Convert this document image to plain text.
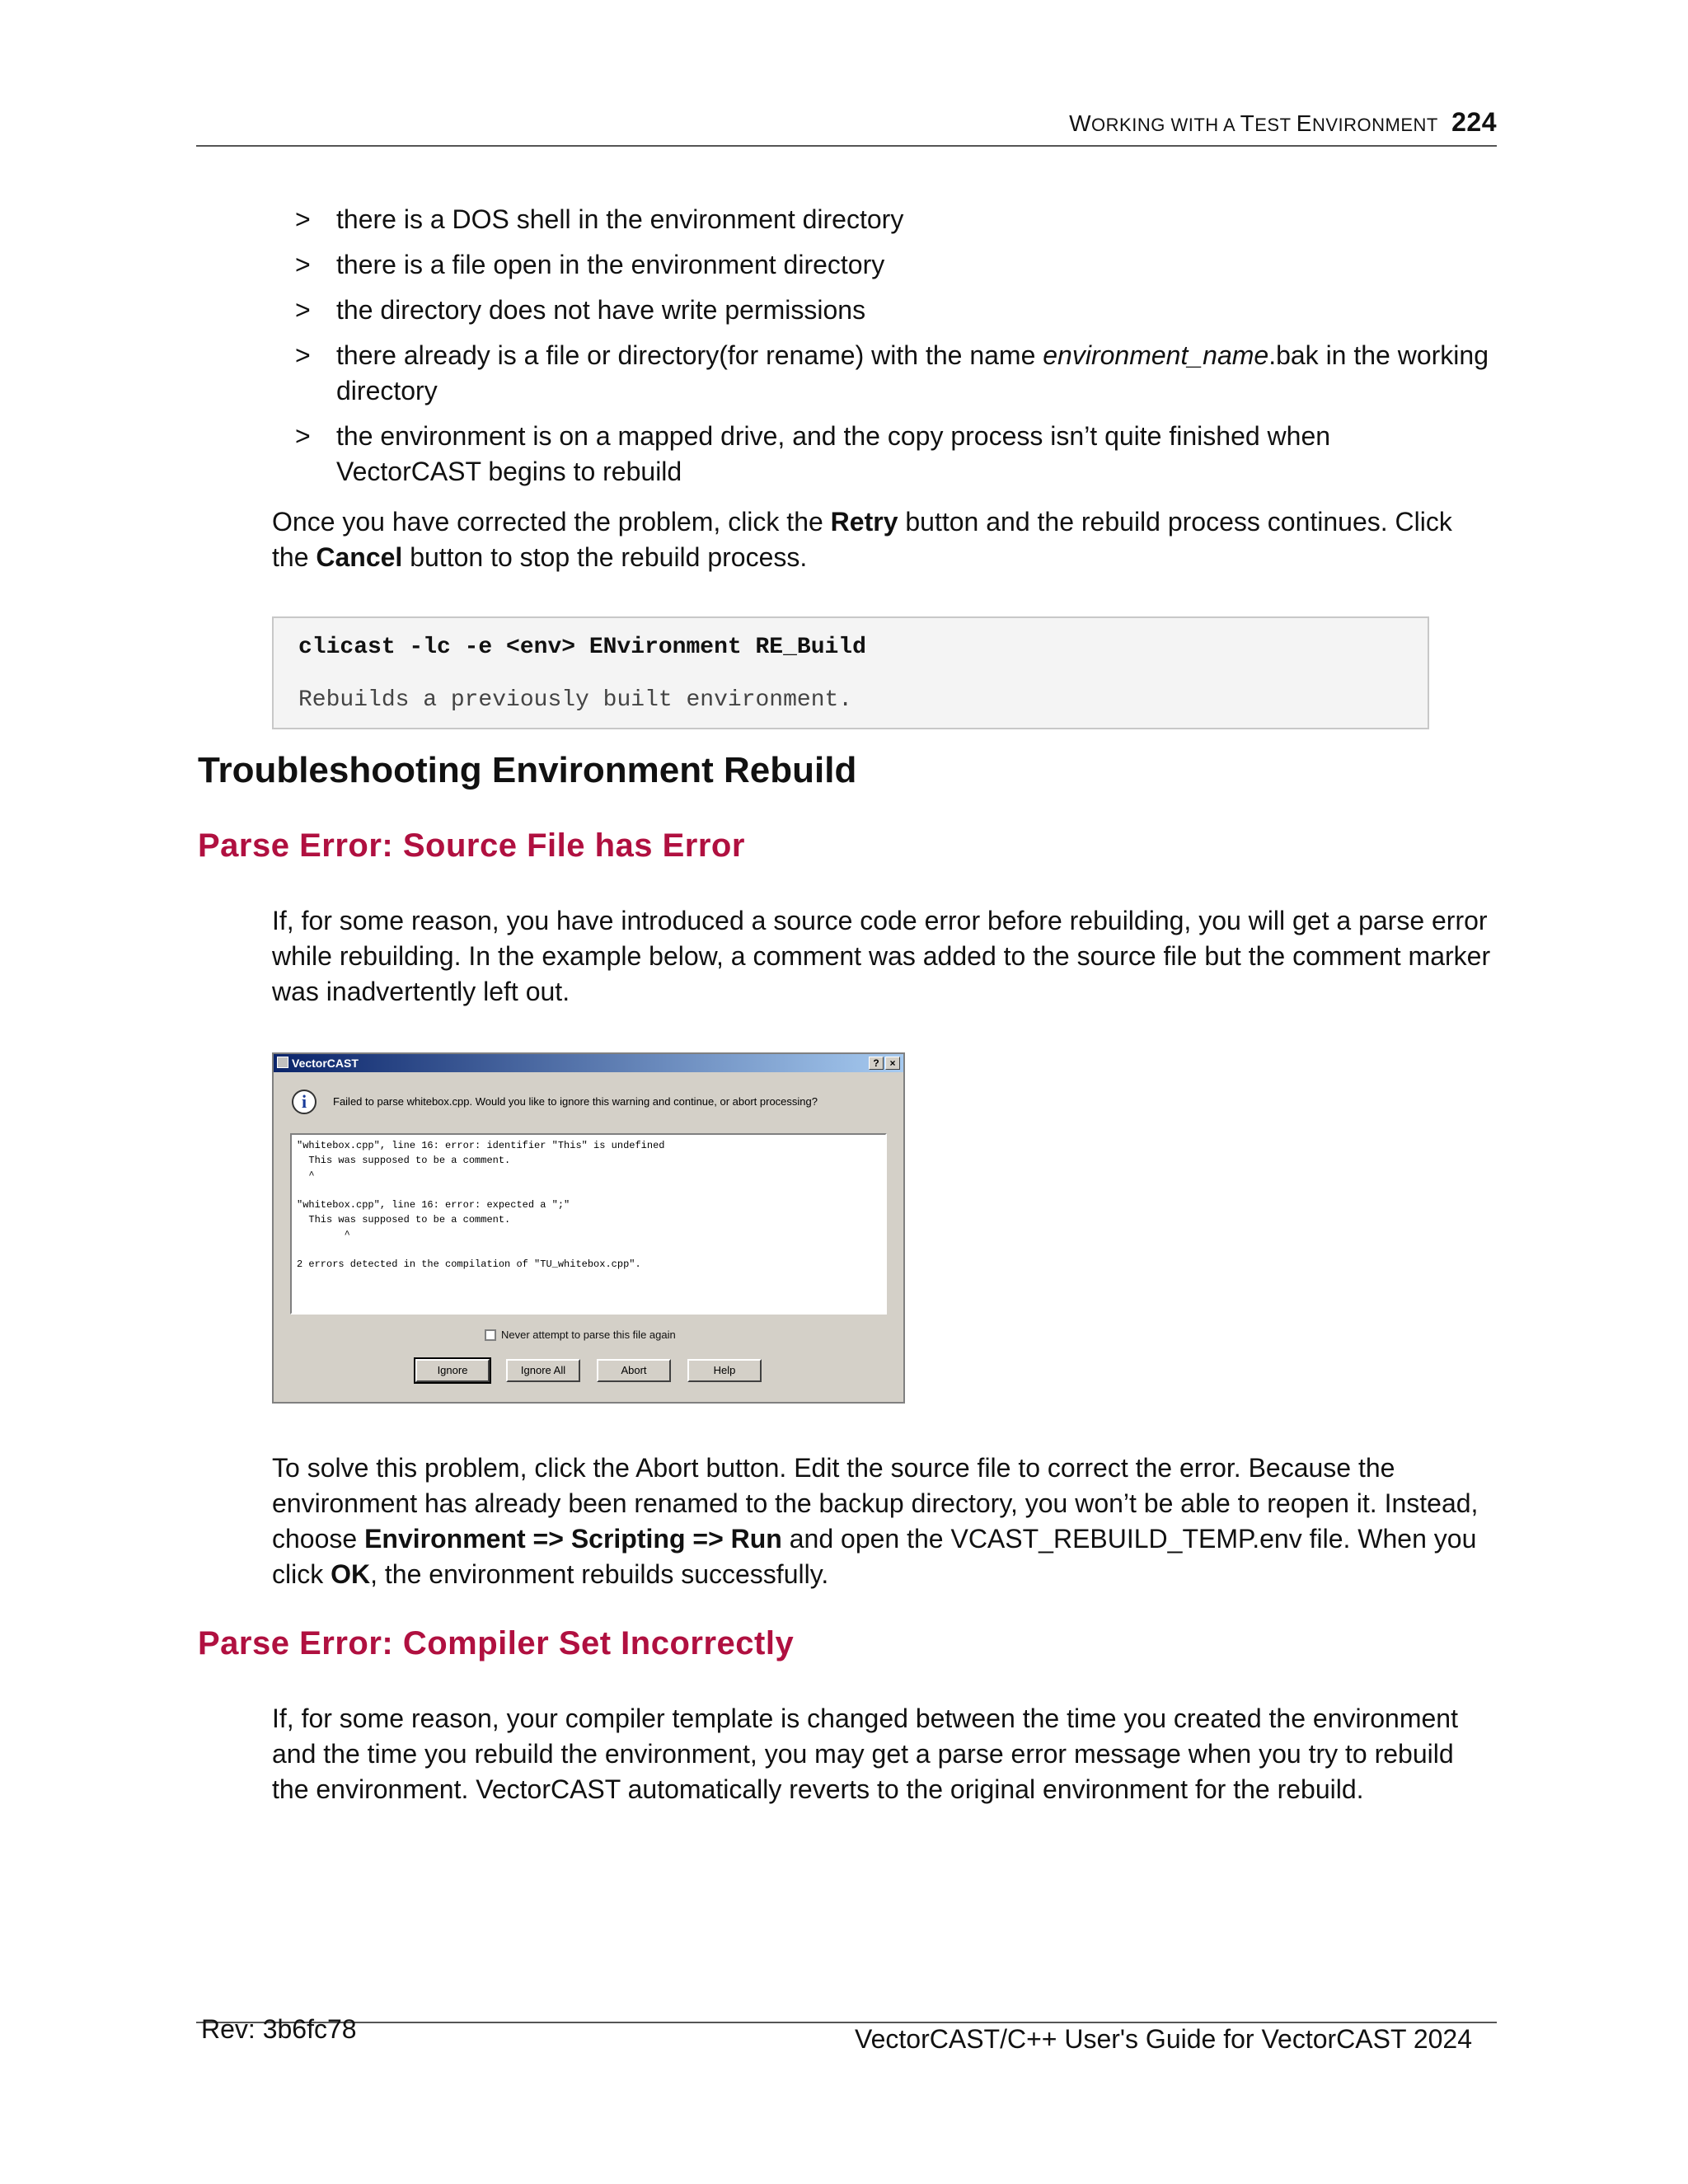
WORKING WITH A TEST ENVIRONMENT 224
> there is a DOS shell in the environment directory
> there is a file open in the environment directory
> the directory does not have write permissions
> there already is a file or directory(for rename) with the name environment_name.bak in the working directory
> the environment is on a mapped drive, and the copy process isn’t quite finished when VectorCAST begins to rebuild

Once you have corrected the problem, click the Retry button and the rebuild process continues. Click the Cancel button to stop the rebuild process.

clicast -lc -e <env> ENvironment RE_Build
Rebuilds a previously built environment.
Troubleshooting Environment Rebuild
Parse Error: Source File has Error

If, for some reason, you have introduced a source code error before rebuilding, you will get a parse error while rebuilding. In the example below, a comment was added to the source file but the comment marker was inadvertently left out.

VectorCAST	?	×
i	Failed to parse whitebox.cpp. Would you like to ignore this warning and continue, or abort processing?
"whitebox.cpp", line 16: error: identifier "This" is undefined
This was supposed to be a comment.
^

"whitebox.cpp", line 16: error: expected a ";"
This was supposed to be a comment.
^

2 errors detected in the compilation of "TU_whitebox.cpp".
Never attempt to parse this file again
Ignore	Ignore All	Abort	Help

To solve this problem, click the Abort button. Edit the source file to correct the error. Because the environment has already been renamed to the backup directory, you won’t be able to reopen it. Instead, choose Environment => Scripting => Run and open the VCAST_REBUILD_TEMP.env file. When you click OK, the environment rebuilds successfully.

Parse Error: Compiler Set Incorrectly

If, for some reason, your compiler template is changed between the time you created the environment and the time you rebuild the environment, you may get a parse error message when you try to rebuild the environment. VectorCAST automatically reverts to the original environment for the rebuild.

Rev: 3b6fc78	VectorCAST/C++ User's Guide for VectorCAST 2024
